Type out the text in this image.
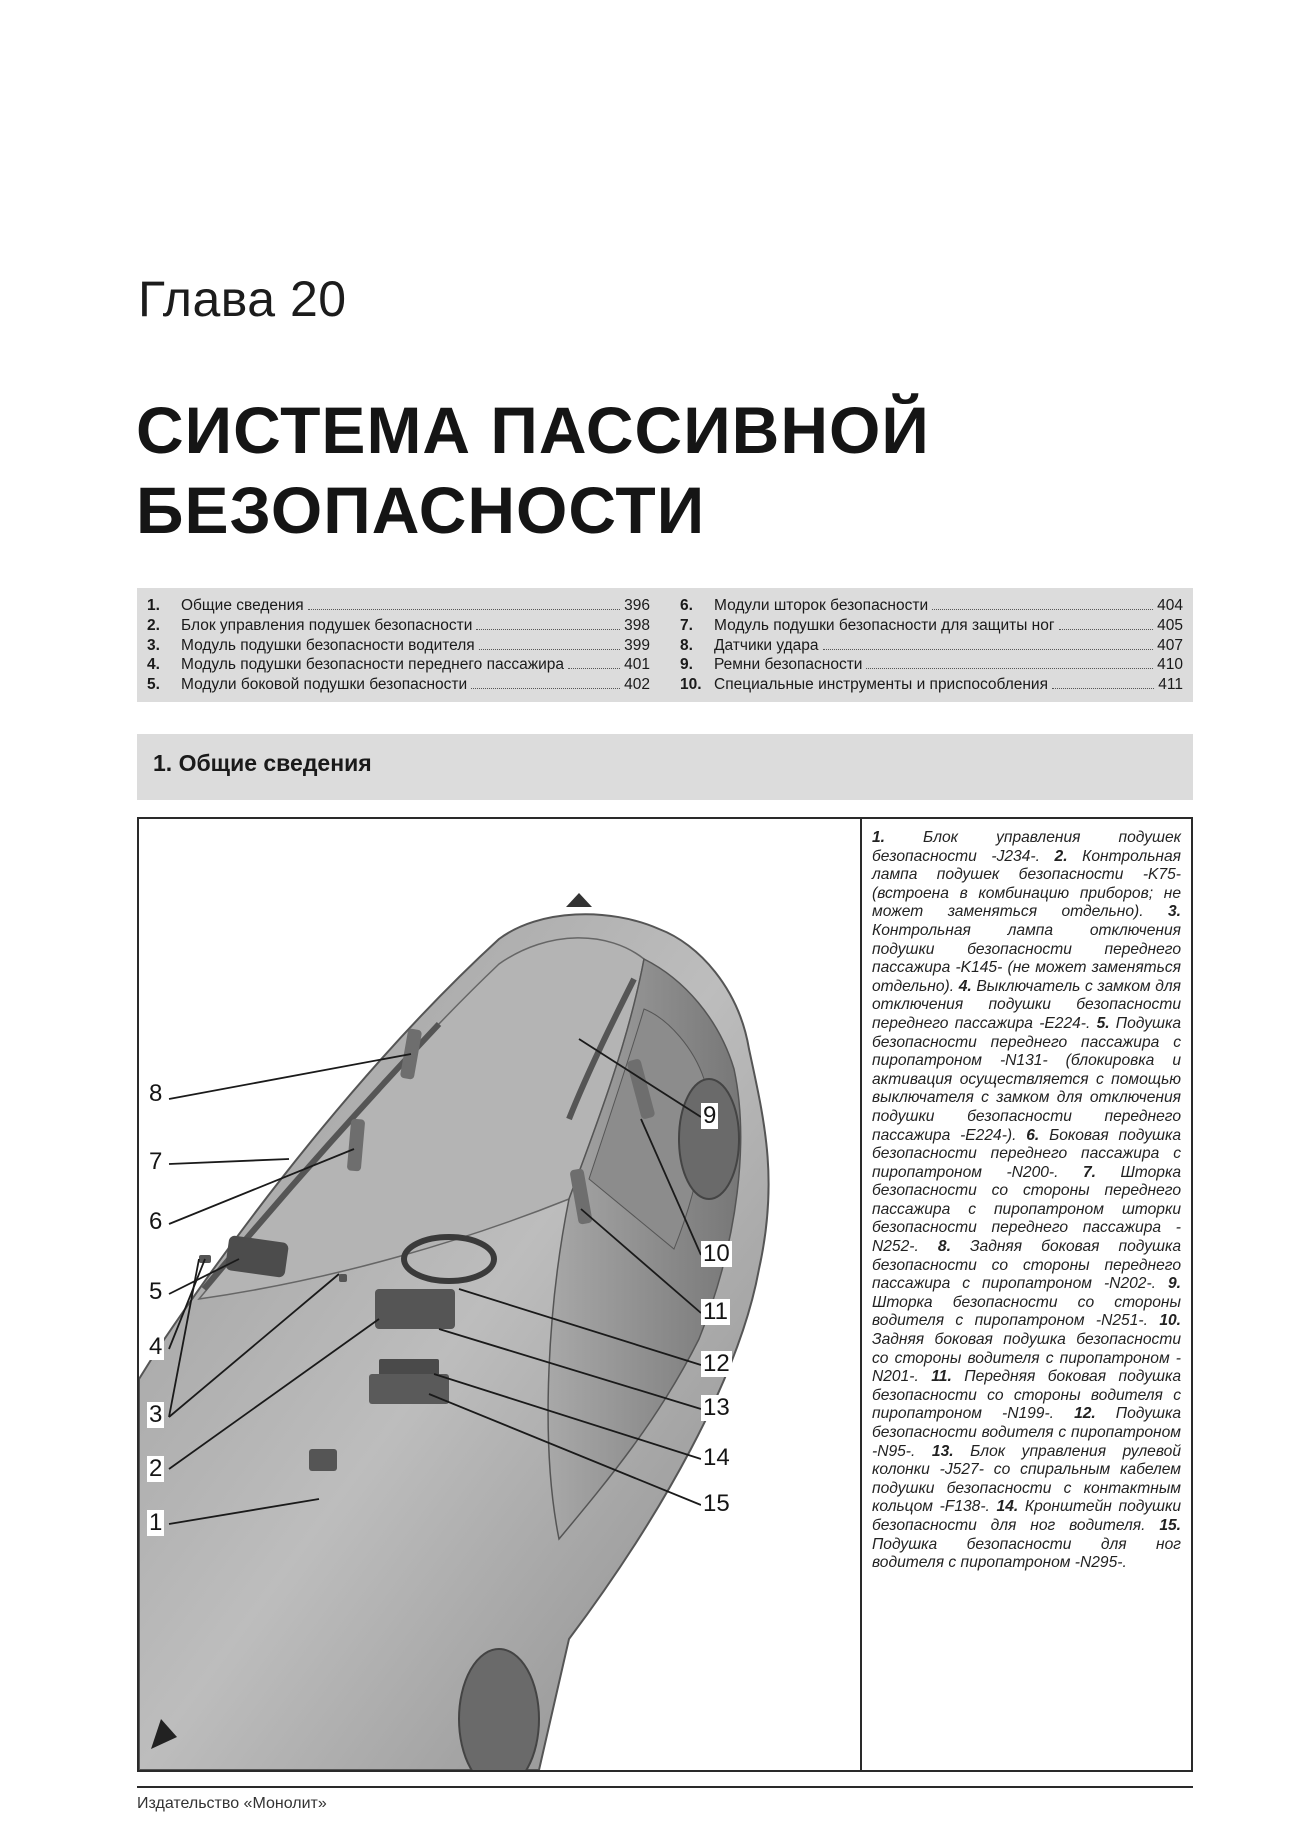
Глава 20
СИСТЕМА ПАССИВНОЙ
БЕЗОПАСНОСТИ
1.	Общие сведения	396
2.	Блок управления подушек безопасности	398
3.	Модуль подушки безопасности водителя	399
4.	Модуль подушки безопасности переднего пассажира	401
5.	Модули боковой подушки безопасности	402
6.	Модули шторок безопасности	404
7.	Модуль подушки безопасности для защиты ног	405
8.	Датчики удара	407
9.	Ремни безопасности	410
10. Специальные инструменты и приспособления	411
1. Общие сведения
8
7
6
5
4
3
2
1
9
10
11
12
13
14
15
1. Блок управления подушек безопасности -J234-. 2. Контрольная лампа подушек безопасности -K75- (встроена в комбинацию приборов; не может заменяться отдельно). 3. Контрольная лампа отключения подушки безопасности переднего пассажира -K145- (не может заменяться отдельно). 4. Выключатель с замком для отключения подушки безопасности переднего пассажира -E224-. 5. Подушка безопасности переднего пассажира с пиропатроном -N131- (блокировка и активация осуществляется с помощью выключателя с замком для отключения подушки безопасности переднего пассажира -E224-). 6. Боковая подушка безопасности переднего пассажира с пиропатроном -N200-. 7. Шторка безопасности со стороны переднего пассажира с пиропатроном шторки безопасности переднего пассажира -N252-. 8. Задняя боковая подушка безопасности со стороны переднего пассажира с пиропатроном -N202-. 9. Шторка безопасности со стороны водителя с пиропатроном -N251-. 10. Задняя боковая подушка безопасности со стороны водителя с пиропатроном -N201-. 11. Передняя боковая подушка безопасности со стороны водителя с пиропатроном -N199-. 12. Подушка безопасности водителя с пиропатроном -N95-. 13. Блок управления рулевой колонки -J527- со спиральным кабелем подушки безопасности с контактным кольцом -F138-. 14. Кронштейн подушки безопасности для ног водителя. 15. Подушка безопасности для ног водителя с пиропатроном -N295-.
Издательство «Монолит»
